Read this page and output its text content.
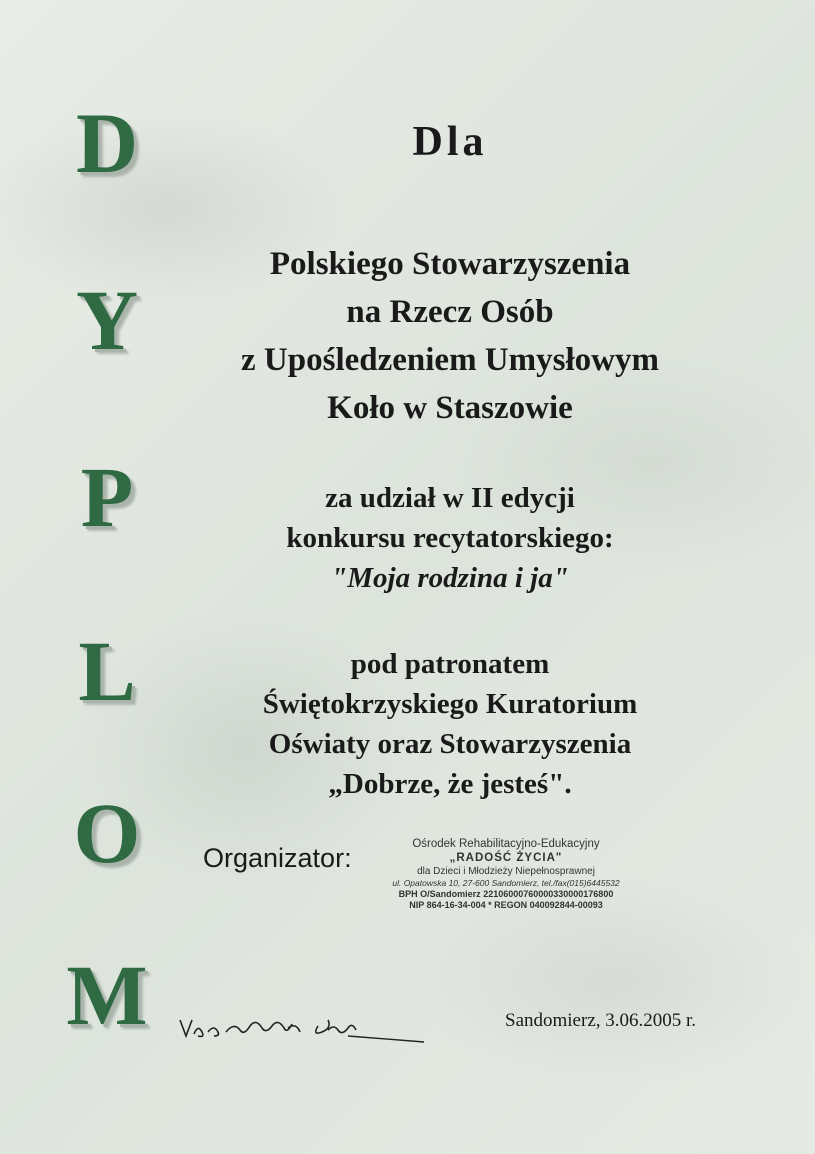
D
Y
P
L
O
M
Dla
Polskiego Stowarzyszenia
na Rzecz Osób
z Upośledzeniem Umysłowym
Koło w Staszowie
za udział w II edycji
konkursu recytatorskiego:
"Moja rodzina i ja"
pod patronatem
Świętokrzyskiego Kuratorium
Oświaty oraz Stowarzyszenia
„Dobrze, że jesteś".
Organizator:	Ośrodek Rehabilitacyjno-Edukacyjny
„RADOŚĆ ŻYCIA"
dla Dzieci i Młodzieży Niepełnosprawnej
ul. Opatowska 10, 27-600 Sandomierz, tel./fax(015)6445532
BPH O/Sandomierz 22106000760000330000176800
NIP 864-16-34-004 * REGON 040092844-00093
Sandomierz, 3.06.2005 r.
